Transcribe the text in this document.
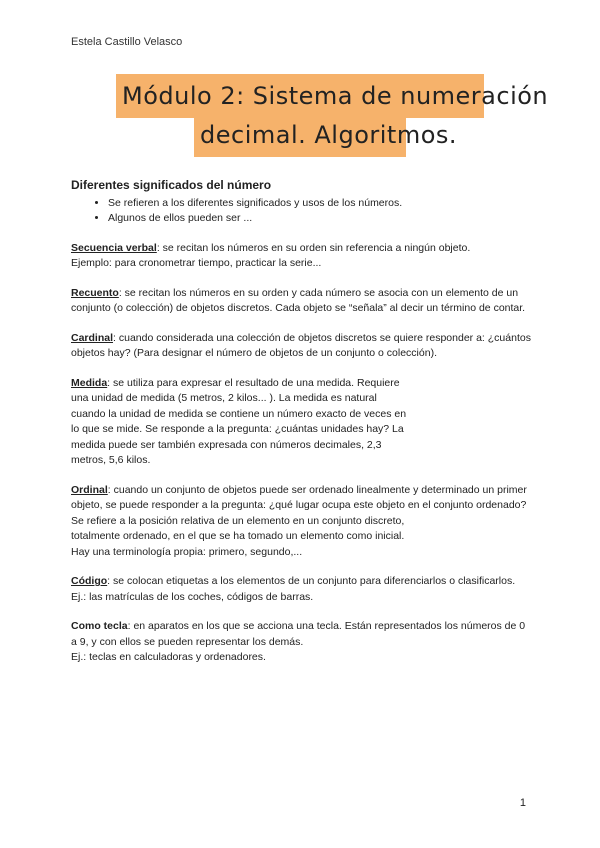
Estela Castillo Velasco
Módulo 2: Sistema de numeración
decimal. Algoritmos.
Diferentes significados del número
• Se refieren a los diferentes significados y usos de los números.
• Algunos de ellos pueden ser ...

Secuencia verbal: se recitan los números en su orden sin referencia a ningún objeto.
Ejemplo: para cronometrar tiempo, practicar la serie...

Recuento: se recitan los números en su orden y cada número se asocia con un elemento de un conjunto (o colección) de objetos discretos. Cada objeto se “señala” al decir un término de contar.

Cardinal: cuando considerada una colección de objetos discretos se quiere responder a: ¿cuántos objetos hay? (Para designar el número de objetos de un conjunto o colección).

Medida: se utiliza para expresar el resultado de una medida. Requiere una unidad de medida (5 metros, 2 kilos... ). La medida es natural cuando la unidad de medida se contiene un número exacto de veces en lo que se mide. Se responde a la pregunta: ¿cuántas unidades hay? La medida puede ser también expresada con números decimales, 2,3 metros, 5,6 kilos.

Ordinal: cuando un conjunto de objetos puede ser ordenado linealmente y determinado un primer objeto, se puede responder a la pregunta: ¿qué lugar ocupa este objeto en el conjunto ordenado?
Se refiere a la posición relativa de un elemento en un conjunto discreto, totalmente ordenado, en el que se ha tomado un elemento como inicial. Hay una terminología propia: primero, segundo,...

Código: se colocan etiquetas a los elementos de un conjunto para diferenciarlos o clasificarlos.
Ej.: las matrículas de los coches, códigos de barras.

Como tecla: en aparatos en los que se acciona una tecla. Están representados los números de 0 a 9, y con ellos se pueden representar los demás.
Ej.: teclas en calculadoras y ordenadores.

1
